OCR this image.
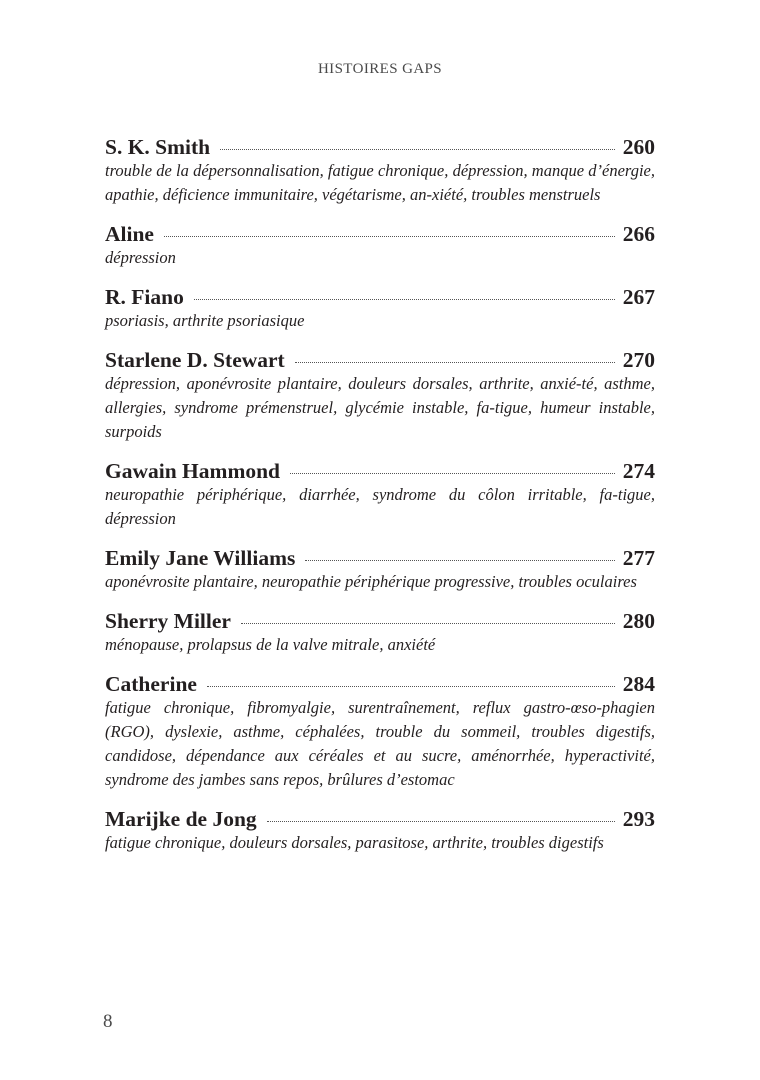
HISTOIRES GAPS
S. K. Smith	260
trouble de la dépersonnalisation, fatigue chronique, dépression, manque d’énergie, apathie, déficience immunitaire, végétarisme, an-xiété, troubles menstruels
Aline	266
dépression
R. Fiano	267
psoriasis, arthrite psoriasique
Starlene D. Stewart	270
dépression, aponévrosite plantaire, douleurs dorsales, arthrite, anxié-té, asthme, allergies, syndrome prémenstruel, glycémie instable, fa-tigue, humeur instable, surpoids
Gawain Hammond	274
neuropathie périphérique, diarrhée, syndrome du côlon irritable, fa-tigue, dépression
Emily Jane Williams	277
aponévrosite plantaire, neuropathie périphérique progressive, troubles oculaires
Sherry Miller	280
ménopause, prolapsus de la valve mitrale, anxiété
Catherine	284
fatigue chronique, fibromyalgie, surentraînement, reflux gastro-œso-phagien (RGO), dyslexie, asthme, céphalées, trouble du sommeil, troubles digestifs, candidose, dépendance aux céréales et au sucre, aménorrhée, hyperactivité, syndrome des jambes sans repos, brûlures d’estomac
Marijke de Jong	293
fatigue chronique, douleurs dorsales, parasitose, arthrite, troubles digestifs
8
